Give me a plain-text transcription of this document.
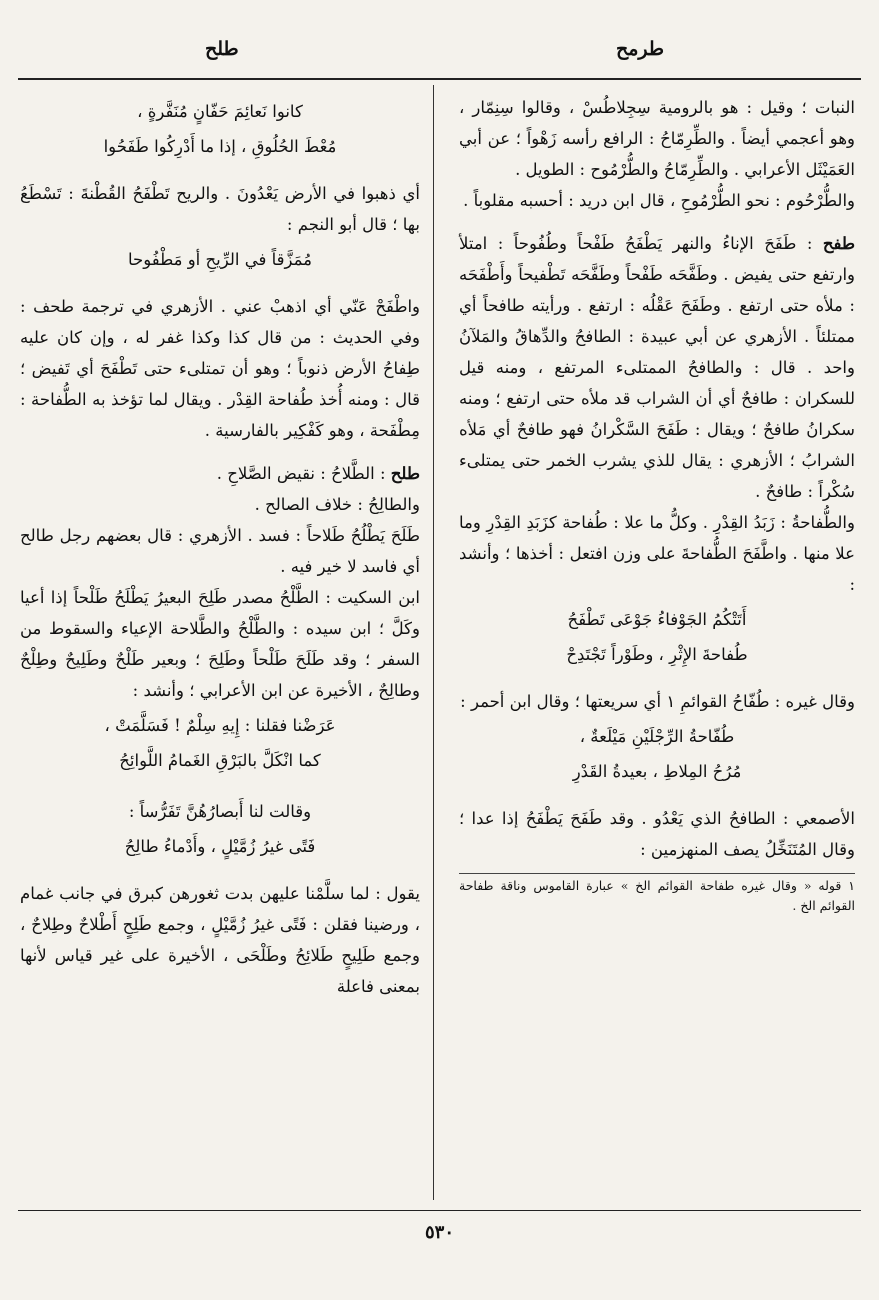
طرمح
طلح

النبات ؛ وقيل : هو بالرومية سِجِلاطُسْ ، وقالوا سِنِمّار ، وهو أعجمي أيضاً . والطِّرِمّاحُ : الرافع رأسه زَهْواً ؛ عن أبي العَمَيْثَل الأعرابي . والطِّرِمّاحُ والطُّرْمُوح : الطويل .

والطُّرْحُوم : نحو الطُّرْمُوحِ ، قال ابن دريد : أحسبه مقلوباً .

طفح : طَفَحَ الإناءُ والنهر يَطْفَحُ طَفْحاً وطُفُوحاً : امتلأ وارتفع حتى يفيض . وطَفَّحَه طَفْحاً وطَفَّحَه تَطْفيحاً وأَطْفَحَه : ملأه حتى ارتفع . وطَفَحَ عَقْلُه : ارتفع . ورأيته طافحاً أي ممتلئاً . الأزهري عن أبي عبيدة : الطافحُ والدِّهاقُ والمَلآنُ واحد . قال : والطافحُ الممتلىء المرتفع ، ومنه قيل للسكران : طافحٌ أي أن الشراب قد ملأه حتى ارتفع ؛ ومنه سكرانُ طافحٌ ؛ ويقال : طَفَحَ السَّكْرانُ فهو طافحٌ أي مَلأه الشرابُ ؛ الأزهري : يقال للذي يشرب الخمر حتى يمتلىء سُكْراً : طافحٌ .

والطُّفاحةُ : زَبَدُ القِدْرِ . وكلُّ ما علا : طُفاحة كزَبَدِ القِدْرِ وما علا منها . واطَّفَحَ الطُّفاحةَ على وزن افتعل : أخذها ؛ وأنشد :

أَتَتْكُمُ الجَوْفاءُ جَوْعَى تَطْفَحُ

طُفاحةَ الإِثْرِ ، وطَوْراً تَجْتَدِحْ

وقال غيره : طُفّاحُ القوائمِ ١ أي سريعتها ؛ وقال ابن أحمر :

طُفّاحةُ الرِّجْلَيْنِ مَيْلَعةٌ ،

مُرُحُ المِلاطِ ، بعيدةُ القَدْرِ

الأصمعي : الطافحُ الذي يَعْدُو . وقد طَفَحَ يَطْفَحُ إذا عدا ؛ وقال المُتَنَخِّلُ يصف المنهزمين :

١ قوله « وقال غيره طفاحة القوائم الخ » عبارة القاموس وناقة طفاحة القوائم الخ .

كانوا نَعائِمَ حَفّانٍ مُنَفَّرةٍ ،

مُعْطَ الحُلُوقِ ، إذا ما أَدْرِكُوا طَفَحُوا

أي ذهبوا في الأرض يَعْدُونَ . والريح تَطْفَحُ القُطْنةَ : تَسْطَعُ بها ؛ قال أبو النجم :

مُمَزَّقاً في الرِّيحِ أو مَطْفُوحا

واطْفَحْ عَنّي أي اذهبْ عني . الأزهري في ترجمة طحف : وفي الحديث : من قال كذا وكذا غفر له ، وإن كان عليه طِفاحُ الأرض ذنوباً ؛ وهو أن تمتلىء حتى تَطْفَحَ أي تَفيض ؛ قال : ومنه أُخذ طُفاحة القِدْر . ويقال لما تؤخذ به الطُّفاحة : مِطْفَحة ، وهو كَفْكِير بالفارسية .

طلح : الطَّلاحُ : نقيض الصَّلاحِ .

والطالِحُ : خلاف الصالح .

طَلَحَ يَطْلُحُ طَلاحاً : فسد . الأزهري : قال بعضهم رجل طالح أي فاسد لا خير فيه .

ابن السكيت : الطَّلْحُ مصدر طَلِحَ البعيرُ يَطْلَحُ طَلْحاً إذا أعيا وكَلَّ ؛ ابن سيده : والطَّلْحُ والطَّلاحة الإعياء والسقوط من السفر ؛ وقد طَلَحَ طَلْحاً وطَلِحَ ؛ وبعير طَلْحٌ وطَلِيحٌ وطِلْحٌ وطالِحٌ ، الأخيرة عن ابن الأعرابي ؛ وأنشد :

عَرَضْنا فقلنا : إِيهِ سِلْمٌ ! فَسَلَّمَتْ ،

كما انْكَلَّ بالبَرْقِ الغَمامُ اللَّوائِحُ

وقالت لنا أَبصارُهُنَّ تَفَرُّساً :

فَتًى غيرُ زُمَّيْلٍ ، وأَدْماءُ طالِحُ

يقول : لما سلَّمْنا عليهن بدت ثغورهن كبرق في جانب غمام ، ورضينا فقلن : فَتًى غيرُ زُمَّيْلٍ ، وجمع طَلِحٍ أَطْلاحٌ وطِلاحٌ ، وجمع طَلِيحٍ طَلائِحُ وطَلْحَى ، الأخيرة على غير قياس لأنها بمعنى فاعلة

٥٣٠
